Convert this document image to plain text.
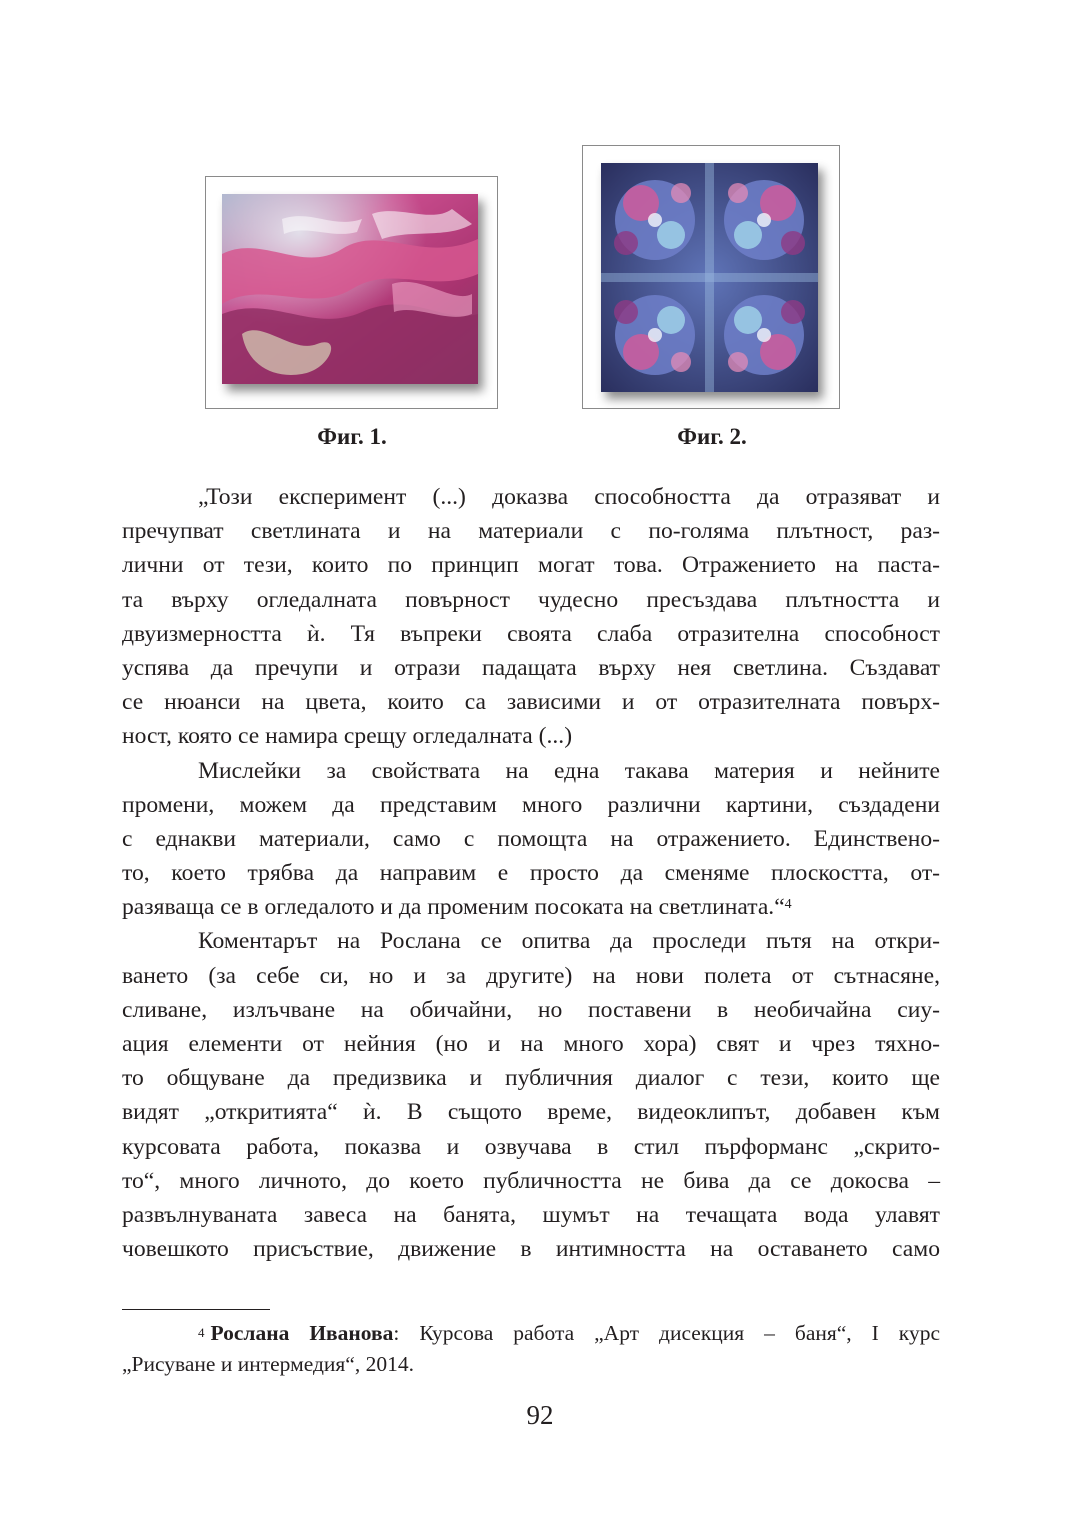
Фиг. 1.	Фиг. 2.
„Този експеримент (...) доказва способността да отразяват и
пречупват светлината и на материали с по-голяма плътност, раз-
лични от тези, които по принцип могат това. Отражението на паста-
та върху огледалната повърност чудесно пресъздава плътността и
двуизмерността ѝ. Тя въпреки своята слаба отразителна способност
успява да пречупи и отрази падащата върху нея светлина. Създават
се нюанси на цвета, които са зависими и от отразителната повърх-
ност, която се намира срещу огледалната (...)
Мислейки за свойствата на една такава материя и нейните
промени, можем да представим много различни картини, създадени
с еднакви материали, само с помощта на отражението. Единствено-
то, което трябва да направим е просто да сменяме плоскостта, от-
разяваща се в огледалото и да променим посоката на светлината.“$^4$
Коментарът на Рослана се опитва да проследи пътя на откри-
ването (за себе си, но и за другите) на нови полета от сътнасяне,
сливане, излъчване на обичайни, но поставени в необичайна сиу-
ация елементи от нейния (но и на много хора) свят и чрез тяхно-
то общуване да предизвика и публичния диалог с тези, които ще
видят „откритията“ ѝ. В същото време, видеоклипът, добавен към
курсовата работа, показва и озвучава в стил пърформанс „скрито-
то“, много личното, до което публичността не бива да се докосва –
развълнуваната завеса на банята, шумът на течащата вода улавят
човешкото присъствие, движение в интимността на оставането само
$^4$ Рослана Иванова: Курсова работа „Арт дисекция – баня“, I курс
„Рисуване и интермедия“, 2014.
92
